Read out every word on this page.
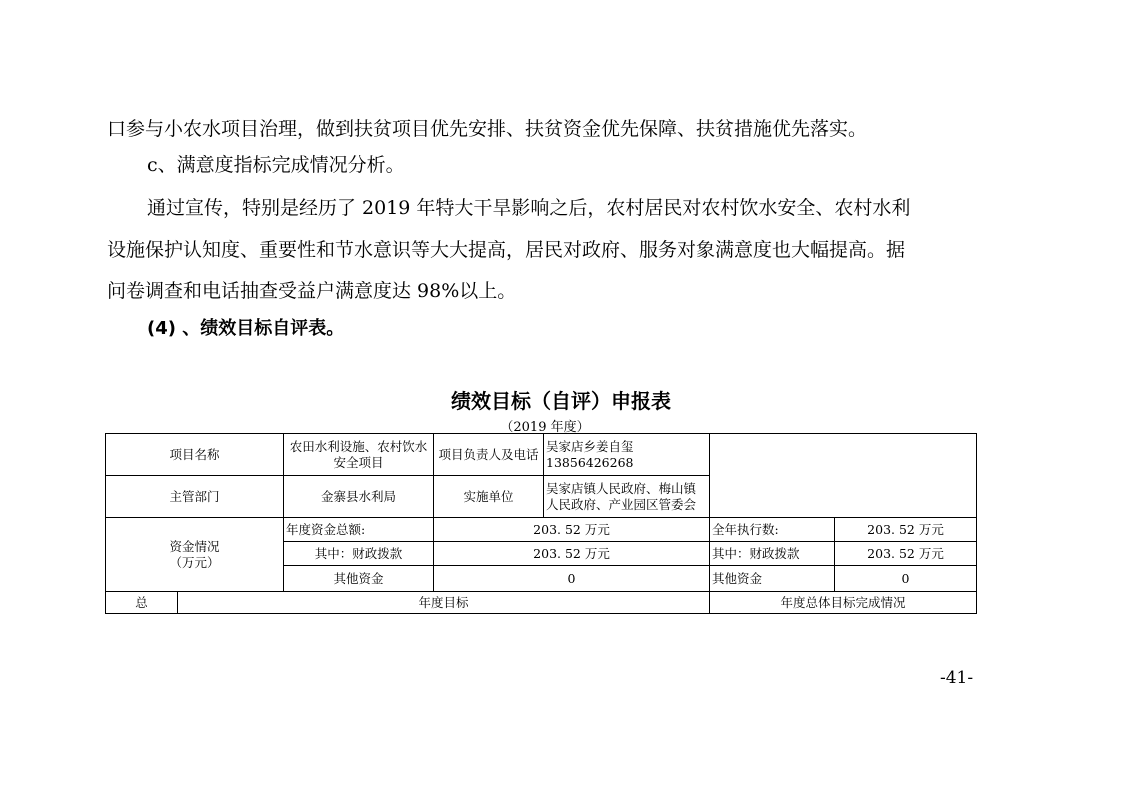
口参与小农水项目治理，做到扶贫项目优先安排、扶贫资金优先保障、扶贫措施优先落实。
c、满意度指标完成情况分析。
通过宣传，特别是经历了 2019 年特大干旱影响之后，农村居民对农村饮水安全、农村水利
设施保护认知度、重要性和节水意识等大大提高，居民对政府、服务对象满意度也大幅提高。据
问卷调查和电话抽查受益户满意度达 98%以上。
(4) 、绩效目标自评表。
绩效目标（自评）申报表
（2019 年度）
项目名称		农田水利设施、农村饮水安全项目	项目负责人及电话	吴家店乡姜自玺 13856426268		
主管部门		金寨县水利局	实施单位	吴家店镇人民政府、梅山镇人民政府、产业园区管委会		
资金情况
（万元）		年度资金总额:	203. 52 万元		全年执行数:	203. 52 万元
		其中：财政拨款	203. 52 万元		其中：财政拨款	203. 52 万元
		其他资金	0		其他资金	0
总	年度目标				年度总体目标完成情况	
-41-
